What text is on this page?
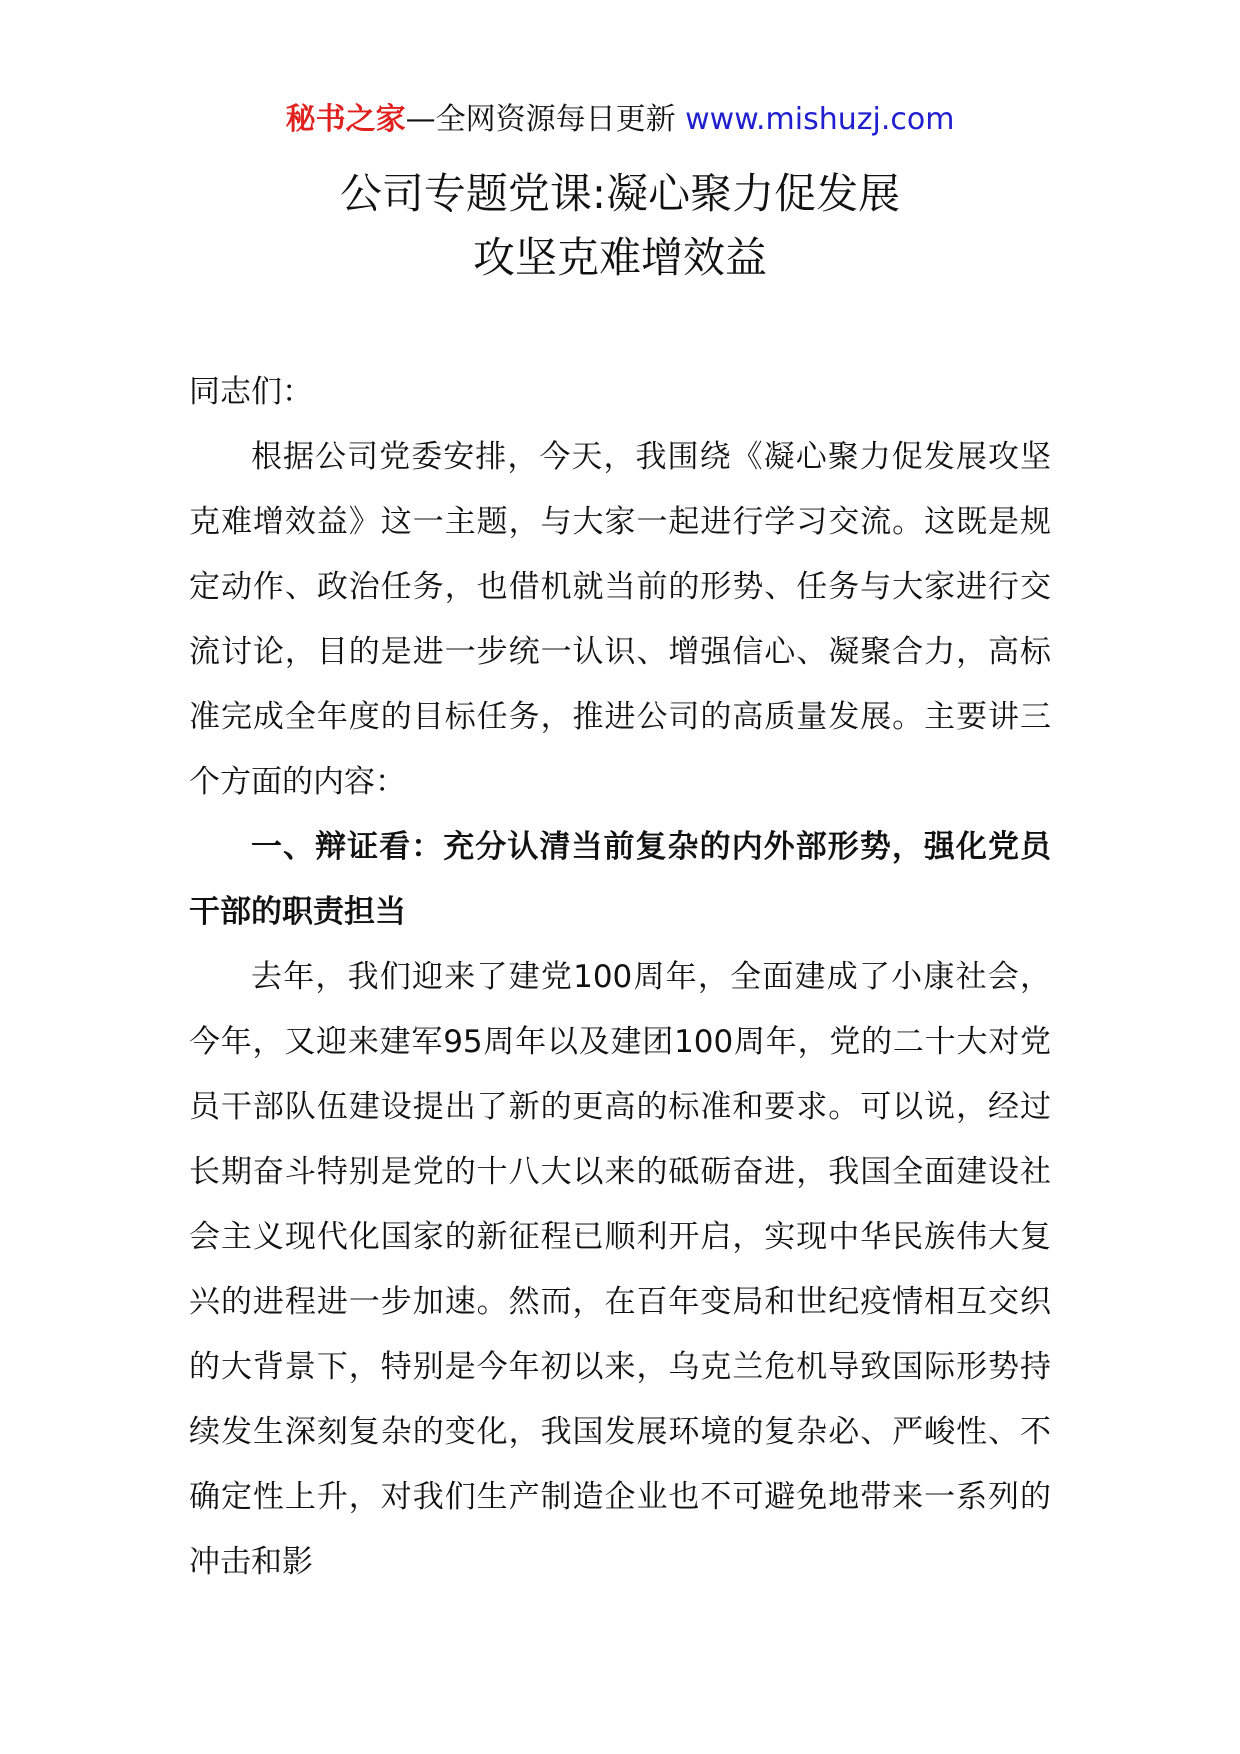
秘书之家—全网资源每日更新 www.mishuzj.com
公司专题党课:凝心聚力促发展
攻坚克难增效益

同志们：

根据公司党委安排，今天，我围绕《凝心聚力促发展攻坚克难增效益》这一主题，与大家一起进行学习交流。这既是规定动作、政治任务，也借机就当前的形势、任务与大家进行交流讨论，目的是进一步统一认识、增强信心、凝聚合力，高标准完成全年度的目标任务，推进公司的高质量发展。主要讲三个方面的内容：

一、辩证看：充分认清当前复杂的内外部形势，强化党员干部的职责担当

去年，我们迎来了建党100周年，全面建成了小康社会，今年，又迎来建军95周年以及建团100周年，党的二十大对党员干部队伍建设提出了新的更高的标准和要求。可以说，经过长期奋斗特别是党的十八大以来的砥砺奋进，我国全面建设社会主义现代化国家的新征程已顺利开启，实现中华民族伟大复兴的进程进一步加速。然而，在百年变局和世纪疫情相互交织的大背景下，特别是今年初以来，乌克兰危机导致国际形势持续发生深刻复杂的变化，我国发展环境的复杂必、严峻性、不确定性上升，对我们生产制造企业也不可避免地带来一系列的冲击和影
